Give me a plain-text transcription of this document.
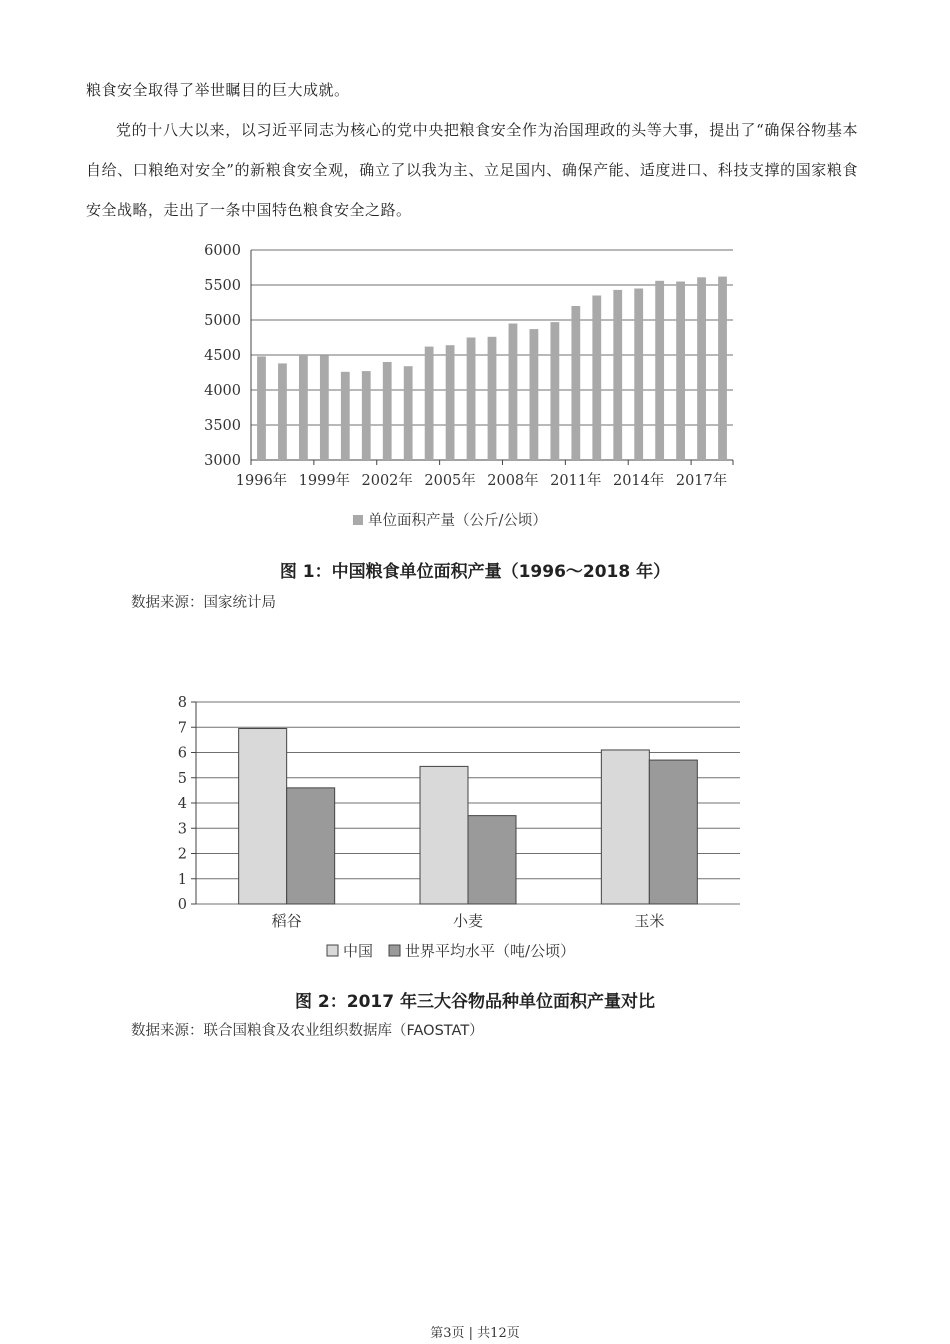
粮食安全取得了举世瞩目的巨大成就。

党的十八大以来，以习近平同志为核心的党中央把粮食安全作为治国理政的头等大事，提出了“确保谷物基本自给、口粮绝对安全”的新粮食安全观，确立了以我为主、立足国内、确保产能、适度进口、科技支撑的国家粮食安全战略，走出了一条中国特色粮食安全之路。

3000
3500
4000
4500
5000
5500
6000
1996年 1999年 2002年 2005年 2008年 2011年 2014年 2017年
单位面积产量（公斤/公顷）
图 1：中国粮食单位面积产量（1996～2018 年）
数据来源：国家统计局
0
1
2
3
4
5
6
7
8
稻谷	小麦	玉米
中国 世界平均水平（吨/公顷）
图 2：2017 年三大谷物品种单位面积产量对比
数据来源：联合国粮食及农业组织数据库（FAOSTAT）
第3页 | 共12页
